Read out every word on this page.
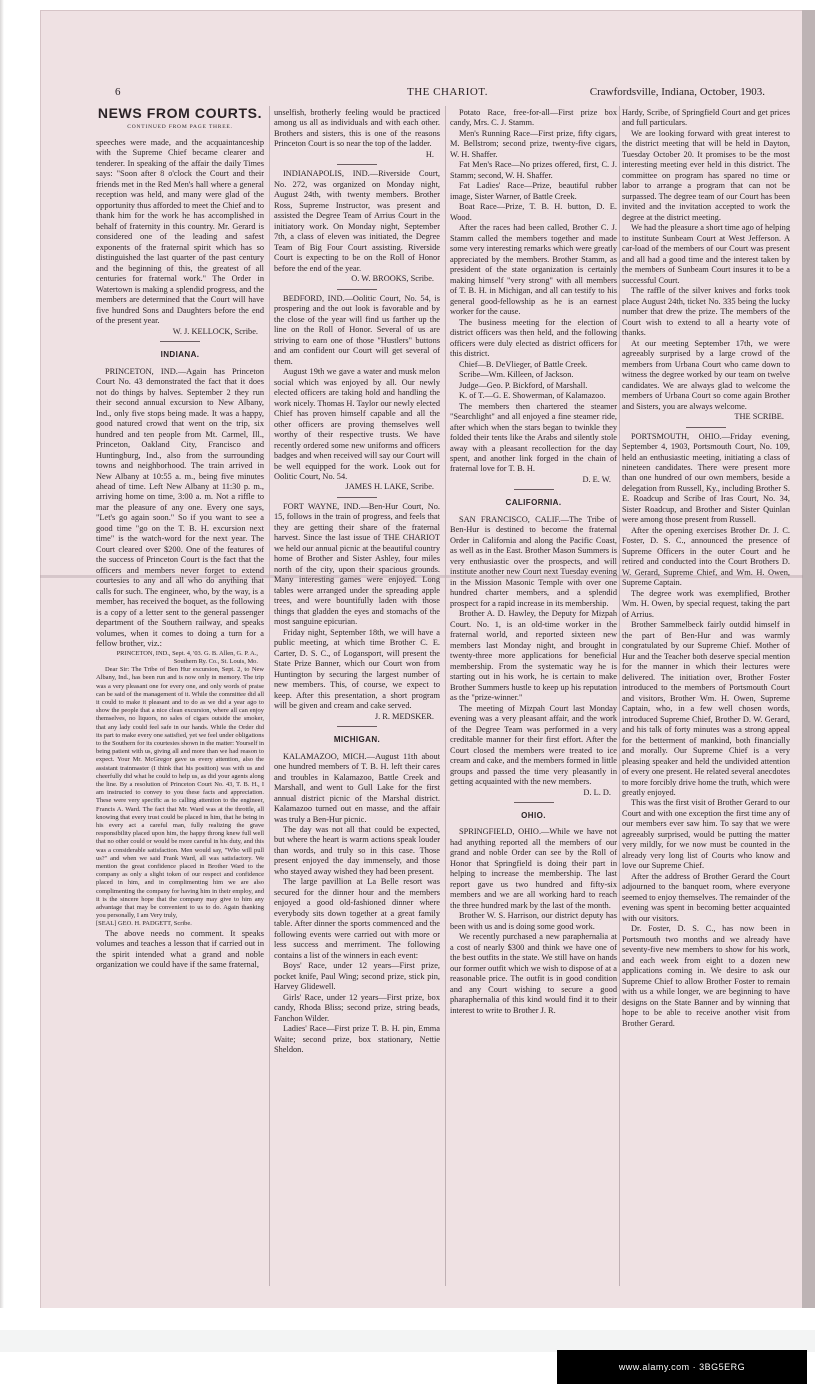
www.alamy.com · 3BG5ERG
6	THE CHARIOT.	Crawfordsville, Indiana, October, 1903.
NEWS FROM COURTS.
CONTINUED FROM PAGE THREE.

speeches were made, and the acquaintanceship with the Supreme Chief became clearer and tenderer. In speaking of the affair the daily Times says: "Soon after 8 o'clock the Court and their friends met in the Red Men's hall where a general reception was held, and many were glad of the opportunity thus afforded to meet the Chief and to thank him for the work he has accomplished in behalf of fraternity in this country. Mr. Gerard is considered one of the leading and safest exponents of the fraternal spirit which has so distinguished the last quarter of the past century and the beginning of this, the greatest of all centuries for fraternal work." The Order in Watertown is making a splendid progress, and the members are determined that the Court will have five hundred Sons and Daughters before the end of the present year.

W. J. KELLOCK, Scribe.

INDIANA.

PRINCETON, IND.—Again has Princeton Court No. 43 demonstrated the fact that it does not do things by halves. September 2 they run their second annual excursion to New Albany, Ind., only five stops being made. It was a happy, good natured crowd that went on the trip, six hundred and ten people from Mt. Carmel, Ill., Princeton, Oakland City, Francisco and Huntingburg, Ind., also from the surrounding towns and neighborhood. The train arrived in New Albany at 10:55 a. m., being five minutes ahead of time. Left New Albany at 11:30 p. m., arriving home on time, 3:00 a. m. Not a riffle to mar the pleasure of any one. Every one says, "Let's go again soon." So if you want to see a good time "go on the T. B. H. excursion next time" is the watch-word for the next year. The Court cleared over $200. One of the features of the success of Princeton Court is the fact that the officers and members never forget to extend courtesies to any and all who do anything that calls for such. The engineer, who, by the way, is a member, has received the boquet, as the following is a copy of a letter sent to the general passenger department of the Southern railway, and speaks volumes, when it comes to doing a turn for a fellow brother, viz.:

PRINCETON, IND., Sept. 4, '03. G. B. Allen, G. P. A., Southern Ry. Co., St. Louis, Mo.

Dear Sir: The Tribe of Ben Hur excursion, Sept. 2, to New Albany, Ind., has been run and is now only in memory. The trip was a very pleasant one for every one, and only words of praise can be said of the management of it. While the committee did all it could to make it pleasant and to do as we did a year ago to show the people that a nice clean excursion, where all can enjoy themselves, no liquors, no sales of cigars outside the smoker, that any lady could feel safe in our hands. While the Order did its part to make every one satisfied, yet we feel under obligations to the Southern for its courtesies shown in the matter: Yourself in being patient with us, giving all and more than we had reason to expect. Your Mr. McGregor gave us every attention, also the assistant trainmaster (I think that his position) was with us and cheerfully did what he could to help us, as did your agents along the line. By a resolution of Princeton Court No. 43, T. B. H., I am instructed to convey to you these facts and appreciation. These were very specific as to calling attention to the engineer, Francis A. Ward. The fact that Mr. Ward was at the throttle, all knowing that every trust could be placed in him, that he being in his every act a careful man, fully realizing the grave responsibility placed upon him, the happy throng knew full well that no other could or would be more careful in his duty, and this was a considerable satisfaction. Men would say, "Who will pull us?" and when we said Frank Ward, all was satisfactory. We mention the great confidence placed in Brother Ward to the company as only a slight token of our respect and confidence placed in him, and in complimenting him we are also complimenting the company for having him in their employ, and it is the sincere hope that the company may give to him any advantage that may be convenient to us to do. Again thanking you personally, I am Very truly,

[SEAL] GEO. H. PADGETT, Scribe.

The above needs no comment. It speaks volumes and teaches a lesson that if carried out in the spirit intended what a grand and noble organization we could have if the same fraternal,

unselfish, brotherly feeling would be practiced among us all as individuals and with each other. Brothers and sisters, this is one of the reasons Princeton Court is so near the top of the ladder.

H.

INDIANAPOLIS, IND.—Riverside Court, No. 272, was organized on Monday night, August 24th, with twenty members. Brother Ross, Supreme Instructor, was present and assisted the Degree Team of Arrius Court in the initiatory work. On Monday night, September 7th, a class of eleven was initiated, the Degree Team of Big Four Court assisting. Riverside Court is expecting to be on the Roll of Honor before the end of the year.

O. W. BROOKS, Scribe.

BEDFORD, IND.—Oolitic Court, No. 54, is prospering and the out look is favorable and by the close of the year will find us farther up the line on the Roll of Honor. Several of us are striving to earn one of those "Hustlers" buttons and am confident our Court will get several of them.

August 19th we gave a water and musk melon social which was enjoyed by all. Our newly elected officers are taking hold and handling the work nicely. Thomas H. Taylor our newly elected Chief has proven himself capable and all the other officers are proving themselves well worthy of their respective trusts. We have recently ordered some new uniforms and officers badges and when received will say our Court will be well equipped for the work. Look out for Oolitic Court, No. 54.

JAMES H. LAKE, Scribe.

FORT WAYNE, IND.—Ben-Hur Court, No. 15, follows in the train of progress, and feels that they are getting their share of the fraternal harvest. Since the last issue of THE CHARIOT we held our annual picnic at the beautiful country home of Brother and Sister Ashley, four miles north of the city, upon their spacious grounds. Many interesting games were enjoyed. Long tables were arranged under the spreading apple trees, and were bountifully laden with those things that gladden the eyes and stomachs of the most sanguine epicurian.

Friday night, September 18th, we will have a public meeting, at which time Brother C. E. Carter, D. S. C., of Logansport, will present the State Prize Banner, which our Court won from Huntington by securing the largest number of new members. This, of course, we expect to keep. After this presentation, a short program will be given and cream and cake served.

J. R. MEDSKER.

MICHIGAN.

KALAMAZOO, MICH.—August 11th about one hundred members of T. B. H. left their cares and troubles in Kalamazoo, Battle Creek and Marshall, and went to Gull Lake for the first annual district picnic of the Marshal district. Kalamazoo turned out en masse, and the affair was truly a Ben-Hur picnic.

The day was not all that could be expected, but where the heart is warm actions speak louder than words, and truly so in this case. Those present enjoyed the day immensely, and those who stayed away wished they had been present.

The large pavillion at La Belle resort was secured for the dinner hour and the members enjoyed a good old-fashioned dinner where everybody sits down together at a great family table. After dinner the sports commenced and the following events were carried out with more or less success and merriment. The following contains a list of the winners in each event:

Boys' Race, under 12 years—First prize, pocket knife, Paul Wing; second prize, stick pin, Harvey Glidewell.

Girls' Race, under 12 years—First prize, box candy, Rhoda Bliss; second prize, string beads, Fanchon Wilder.

Ladies' Race—First prize T. B. H. pin, Emma Waite; second prize, box stationary, Nettie Sheldon.

Potato Race, free-for-all—First prize box candy, Mrs. C. J. Stamm.

Men's Running Race—First prize, fifty cigars, M. Bellstrom; second prize, twenty-five cigars, W. H. Shaffer.

Fat Men's Race—No prizes offered, first, C. J. Stamm; second, W. H. Shaffer.

Fat Ladies' Race—Prize, beautiful rubber image, Sister Warner, of Battle Creek.

Boat Race—Prize, T. B. H. button, D. E. Wood.

After the races had been called, Brother C. J. Stamm called the members together and made some very interesting remarks which were greatly appreciated by the members. Brother Stamm, as president of the state organization is certainly making himself "very strong" with all members of T. B. H. in Michigan, and all can testify to his general good-fellowship as he is an earnest worker for the cause.

The business meeting for the election of district officers was then held, and the following officers were duly elected as district officers for this district.

Chief—B. DeVlieger, of Battle Creek.

Scribe—Wm. Killeen, of Jackson.

Judge—Geo. P. Bickford, of Marshall.

K. of T.—G. E. Showerman, of Kalamazoo.

The members then chartered the steamer "Searchlight" and all enjoyed a fine steamer ride, after which when the stars began to twinkle they folded their tents like the Arabs and silently stole away with a pleasant recollection for the day spent, and another link forged in the chain of fraternal love for T. B. H.

D. E. W.

CALIFORNIA.

SAN FRANCISCO, CALIF.—The Tribe of Ben-Hur is destined to become the fraternal Order in California and along the Pacific Coast, as well as in the East. Brother Mason Summers is very enthusiastic over the prospects, and will institute another new Court next Tuesday evening in the Mission Masonic Temple with over one hundred charter members, and a splendid prospect for a rapid increase in its membership.

Brother A. D. Hawley, the Deputy for Mizpah Court. No. 1, is an old-time worker in the fraternal world, and reported sixteen new members last Monday night, and brought in twenty-three more applications for beneficial membership. From the systematic way he is starting out in his work, he is certain to make Brother Summers hustle to keep up his reputation as the "prize-winner."

The meeting of Mizpah Court last Monday evening was a very pleasant affair, and the work of the Degree Team was performed in a very creditable manner for their first effort. After the Court closed the members were treated to ice cream and cake, and the members formed in little groups and passed the time very pleasantly in getting acquainted with the new members.

D. L. D.

OHIO.

SPRINGFIELD, OHIO.—While we have not had anything reported all the members of our grand and noble Order can see by the Roll of Honor that Springfield is doing their part in helping to increase the membership. The last report gave us two hundred and fifty-six members and we are all working hard to reach the three hundred mark by the last of the month.

Brother W. S. Harrison, our district deputy has been with us and is doing some good work.

We recently purchased a new paraphernalia at a cost of nearly $300 and think we have one of the best outfits in the state. We still have on hands our former outfit which we wish to dispose of at a reasonable price. The outfit is in good condition and any Court wishing to secure a good pharaphernalia of this kind would find it to their interest to write to Brother J. R.

Hardy, Scribe, of Springfield Court and get prices and full particulars.

We are looking forward with great interest to the district meeting that will be held in Dayton, Tuesday October 20. It promises to be the most interesting meeting ever held in this district. The committee on program has spared no time or labor to arrange a program that can not be surpassed. The degree team of our Court has been invited and the invitation accepted to work the degree at the district meeting.

We had the pleasure a short time ago of helping to institute Sunbeam Court at West Jefferson. A car-load of the members of our Court was present and all had a good time and the interest taken by the members of Sunbeam Court insures it to be a successful Court.

The raffle of the silver knives and forks took place August 24th, ticket No. 335 being the lucky number that drew the prize. The members of the Court wish to extend to all a hearty vote of thanks.

At our meeting September 17th, we were agreeably surprised by a large crowd of the members from Urbana Court who came down to witness the degree worked by our team on twelve candidates. We are always glad to welcome the members of Urbana Court so come again Brother and Sisters, you are always welcome.

THE SCRIBE.

PORTSMOUTH, OHIO.—Friday evening, September 4, 1903, Portsmouth Court, No. 109, held an enthusiastic meeting, initiating a class of nineteen candidates. There were present more than one hundred of our own members, beside a delegation from Russell, Ky., including Brother S. E. Roadcup and Scribe of Iras Court, No. 34, Sister Roadcup, and Brother and Sister Quinlan were among those present from Russell.

After the opening exercises Brother Dr. J. C. Foster, D. S. C., announced the presence of Supreme Officers in the outer Court and he retired and conducted into the Court Brothers D. W. Gerard, Supreme Chief, and Wm. H. Owen, Supreme Captain.

The degree work was exemplified, Brother Wm. H. Owen, by special request, taking the part of Arrius.

Brother Sammelbeck fairly outdid himself in the part of Ben-Hur and was warmly congratulated by our Supreme Chief. Mother of Hur and the Teacher both deserve special mention for the manner in which their lectures were delivered. The initiation over, Brother Foster introduced to the members of Portsmouth Court and visitors, Brother Wm. H. Owen, Supreme Captain, who, in a few well chosen words, introduced Supreme Chief, Brother D. W. Gerard, and his talk of forty minutes was a strong appeal for the betterment of mankind, both financially and morally. Our Supreme Chief is a very pleasing speaker and held the undivided attention of every one present. He related several anecdotes to more forcibly drive home the truth, which were greatly enjoyed.

This was the first visit of Brother Gerard to our Court and with one exception the first time any of our members ever saw him. To say that we were agreeably surprised, would be putting the matter very mildly, for we now must be counted in the already very long list of Courts who know and love our Supreme Chief.

After the address of Brother Gerard the Court adjourned to the banquet room, where everyone seemed to enjoy themselves. The remainder of the evening was spent in becoming better acquainted with our visitors.

Dr. Foster, D. S. C., has now been in Portsmouth two months and we already have seventy-five new members to show for his work, and each week from eight to a dozen new applications coming in. We desire to ask our Supreme Chief to allow Brother Foster to remain with us a while longer, we are beginning to have designs on the State Banner and by winning that hope to be able to receive another visit from Brother Gerard.
